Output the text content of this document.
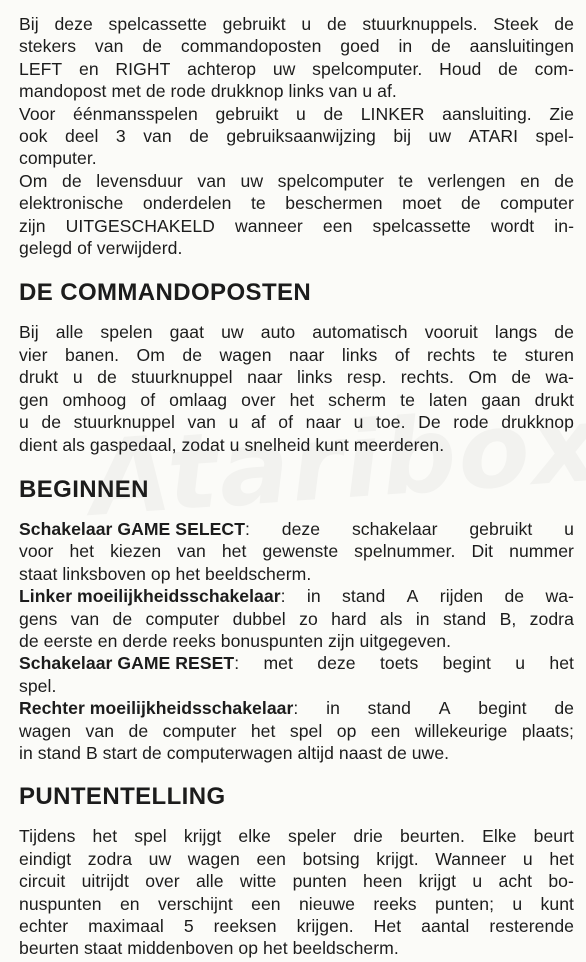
Bij deze spelcassette gebruikt u de stuurknuppels. Steek de
stekers van de commandoposten goed in de aansluitingen
LEFT en RIGHT achterop uw spelcomputer. Houd de com-
mandopost met de rode drukknop links van u af.
Voor éénmansspelen gebruikt u de LINKER aansluiting. Zie
ook deel 3 van de gebruiksaanwijzing bij uw ATARI spel-
computer.
Om de levensduur van uw spelcomputer te verlengen en de
elektronische onderdelen te beschermen moet de computer
zijn UITGESCHAKELD wanneer een spelcassette wordt in-
gelegd of verwijderd.
DE COMMANDOPOSTEN
Bij alle spelen gaat uw auto automatisch vooruit langs de
vier banen. Om de wagen naar links of rechts te sturen
drukt u de stuurknuppel naar links resp. rechts. Om de wa-
gen omhoog of omlaag over het scherm te laten gaan drukt
u de stuurknuppel van u af of naar u toe. De rode drukknop
dient als gaspedaal, zodat u snelheid kunt meerderen.
BEGINNEN
Schakelaar GAME SELECT: deze schakelaar gebruikt u
voor het kiezen van het gewenste spelnummer. Dit nummer
staat linksboven op het beeldscherm.
Linker moeilijkheidsschakelaar: in stand A rijden de wa-
gens van de computer dubbel zo hard als in stand B, zodra
de eerste en derde reeks bonuspunten zijn uitgegeven.
Schakelaar GAME RESET: met deze toets begint u het
spel.
Rechter moeilijkheidsschakelaar: in stand A begint de
wagen van de computer het spel op een willekeurige plaats;
in stand B start de computerwagen altijd naast de uwe.
PUNTENTELLING
Tijdens het spel krijgt elke speler drie beurten. Elke beurt
eindigt zodra uw wagen een botsing krijgt. Wanneer u het
circuit uitrijdt over alle witte punten heen krijgt u acht bo-
nuspunten en verschijnt een nieuwe reeks punten; u kunt
echter maximaal 5 reeksen krijgen. Het aantal resterende
beurten staat middenboven op het beeldscherm.
